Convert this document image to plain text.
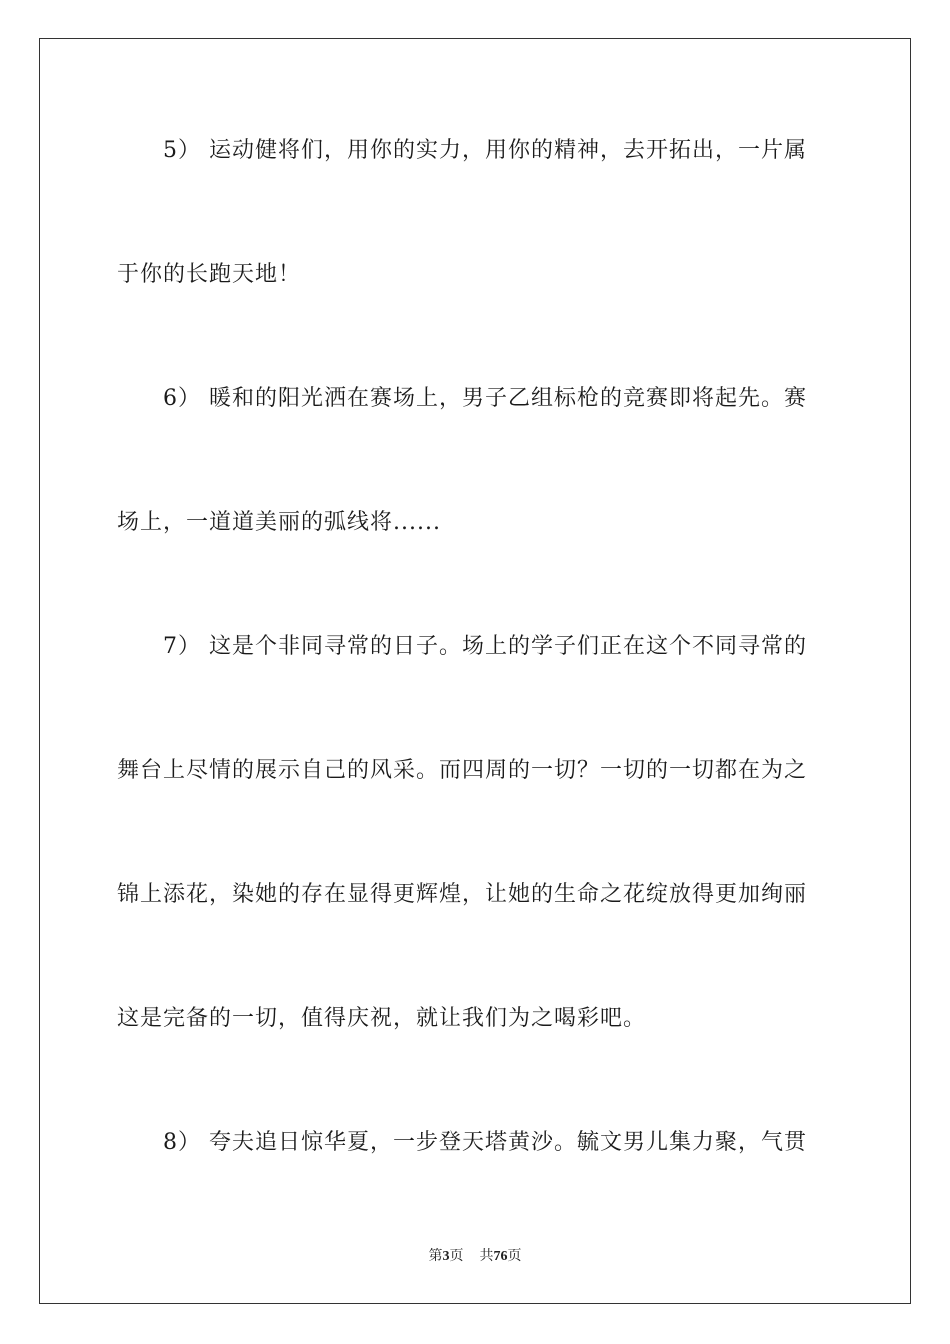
5） 运动健将们，用你的实力，用你的精神，去开拓出，一片属
于你的长跑天地！
6） 暖和的阳光洒在赛场上，男子乙组标枪的竞赛即将起先。赛
场上，一道道美丽的弧线将......
7） 这是个非同寻常的日子。场上的学子们正在这个不同寻常的
舞台上尽情的展示自己的风采。而四周的一切？一切的一切都在为之
锦上添花，染她的存在显得更辉煌，让她的生命之花绽放得更加绚丽
这是完备的一切，值得庆祝，就让我们为之喝彩吧。
8） 夸夫追日惊华夏，一步登天塔黄沙。毓文男儿集力聚，气贯
第3页 共76页
